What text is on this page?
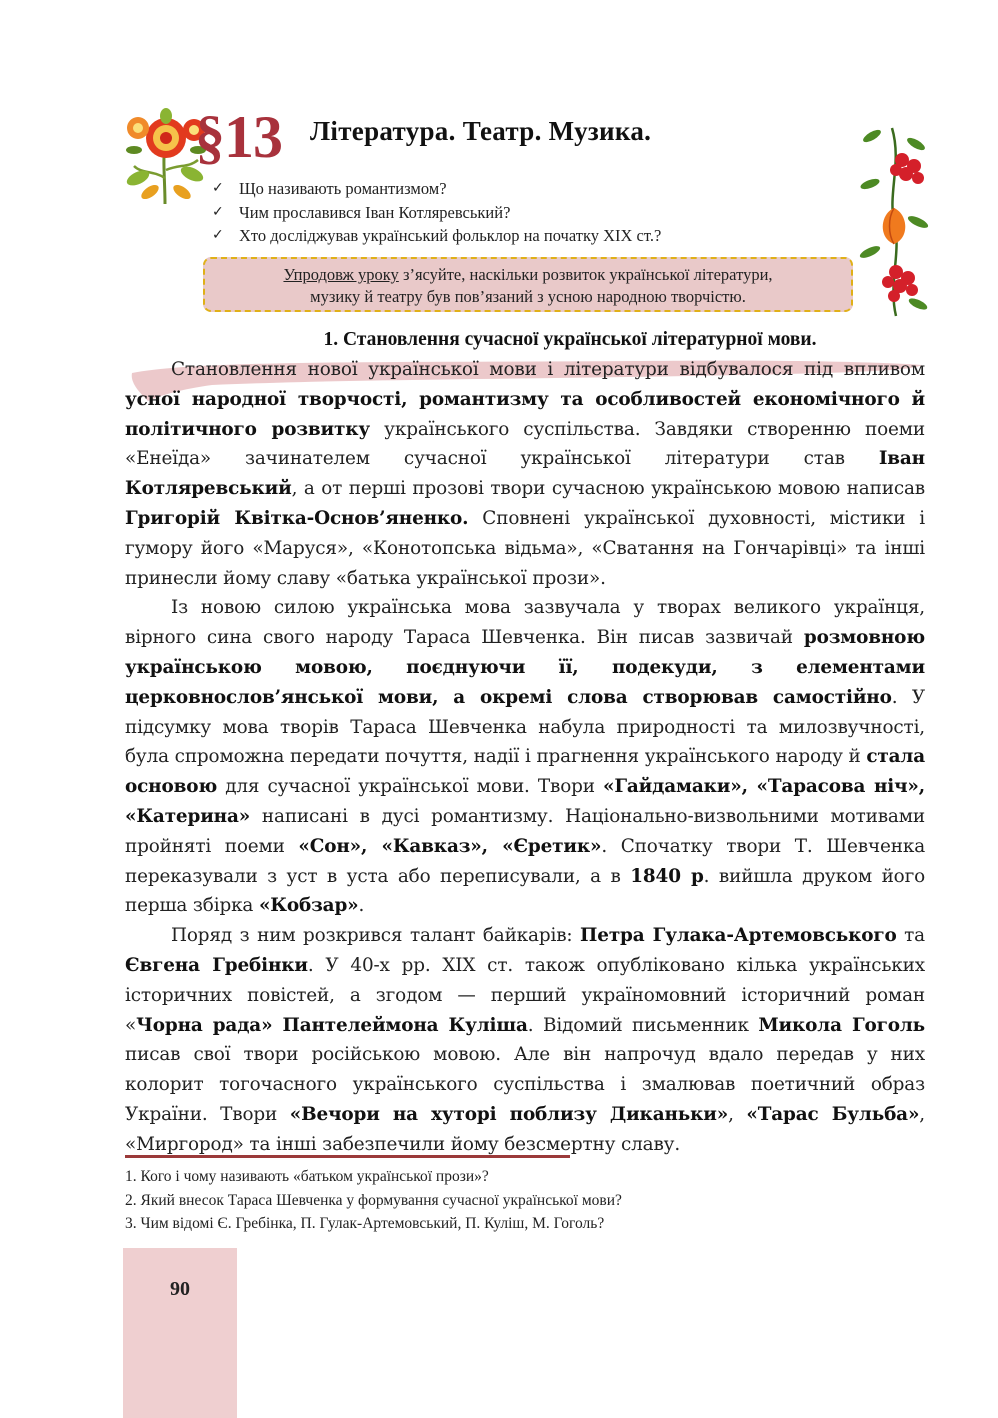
§13 Література. Театр. Музика.
✓ Що називають романтизмом?
✓ Чим прославився Іван Котляревський?
✓ Хто досліджував український фольклор на початку XIX ст.?
Упродовж уроку з’ясуйте, наскільки розвиток української літератури,
музику й театру був пов’язаний з усною народною творчістю.
1. Становлення сучасної української літературної мови.

Становлення нової української мови і літератури відбувалося під впливом усної народної творчості, романтизму та особливостей економічного й політичного розвитку українського суспільства. Завдяки створенню поеми «Енеїда» зачинателем сучасної української літератури став Іван Котляревський, а от перші прозові твори сучасною українською мовою написав Григорій Квітка-Основ’яненко. Сповнені української духовності, містики і гумору його «Маруся», «Конотопська відьма», «Сватання на Гончарівці» та інші принесли йому славу «батька української прози».

Із новою силою українська мова зазвучала у творах великого українця, вірного сина свого народу Тараса Шевченка. Він писав зазвичай розмовною українською мовою, поєднуючи її, подекуди, з елементами церковнослов’янської мови, а окремі слова створював самостійно. У підсумку мова творів Тараса Шевченка набула природності та милозвучності, була спроможна передати почуття, надії і прагнення українського народу й стала основою для сучасної української мови. Твори «Гайдамаки», «Тарасова ніч», «Катерина» написані в дусі романтизму. Національно-визвольними мотивами пройняті поеми «Сон», «Кавказ», «Єретик». Спочатку твори Т. Шевченка переказували з уст в уста або переписували, а в 1840 р. вийшла друком його перша збірка «Кобзар».

Поряд з ним розкрився талант байкарів: Петра Гулака-Артемовського та Євгена Гребінки. У 40-х рр. XIX ст. також опубліковано кілька українських історичних повістей, а згодом — перший україномовний історичний роман «Чорна рада» Пантелеймона Куліша. Відомий письменник Микола Гоголь писав свої твори російською мовою. Але він напрочуд вдало передав у них колорит тогочасного українського суспільства і змалював поетичний образ України. Твори «Вечори на хуторі поблизу Диканьки», «Тарас Бульба», «Миргород» та інші забезпечили йому безсмертну славу.

1. Кого і чому називають «батьком української прози»?
2. Який внесок Тараса Шевченка у формування сучасної української мови?
3. Чим відомі Є. Гребінка, П. Гулак-Артемовський, П. Куліш, М. Гоголь?
90
